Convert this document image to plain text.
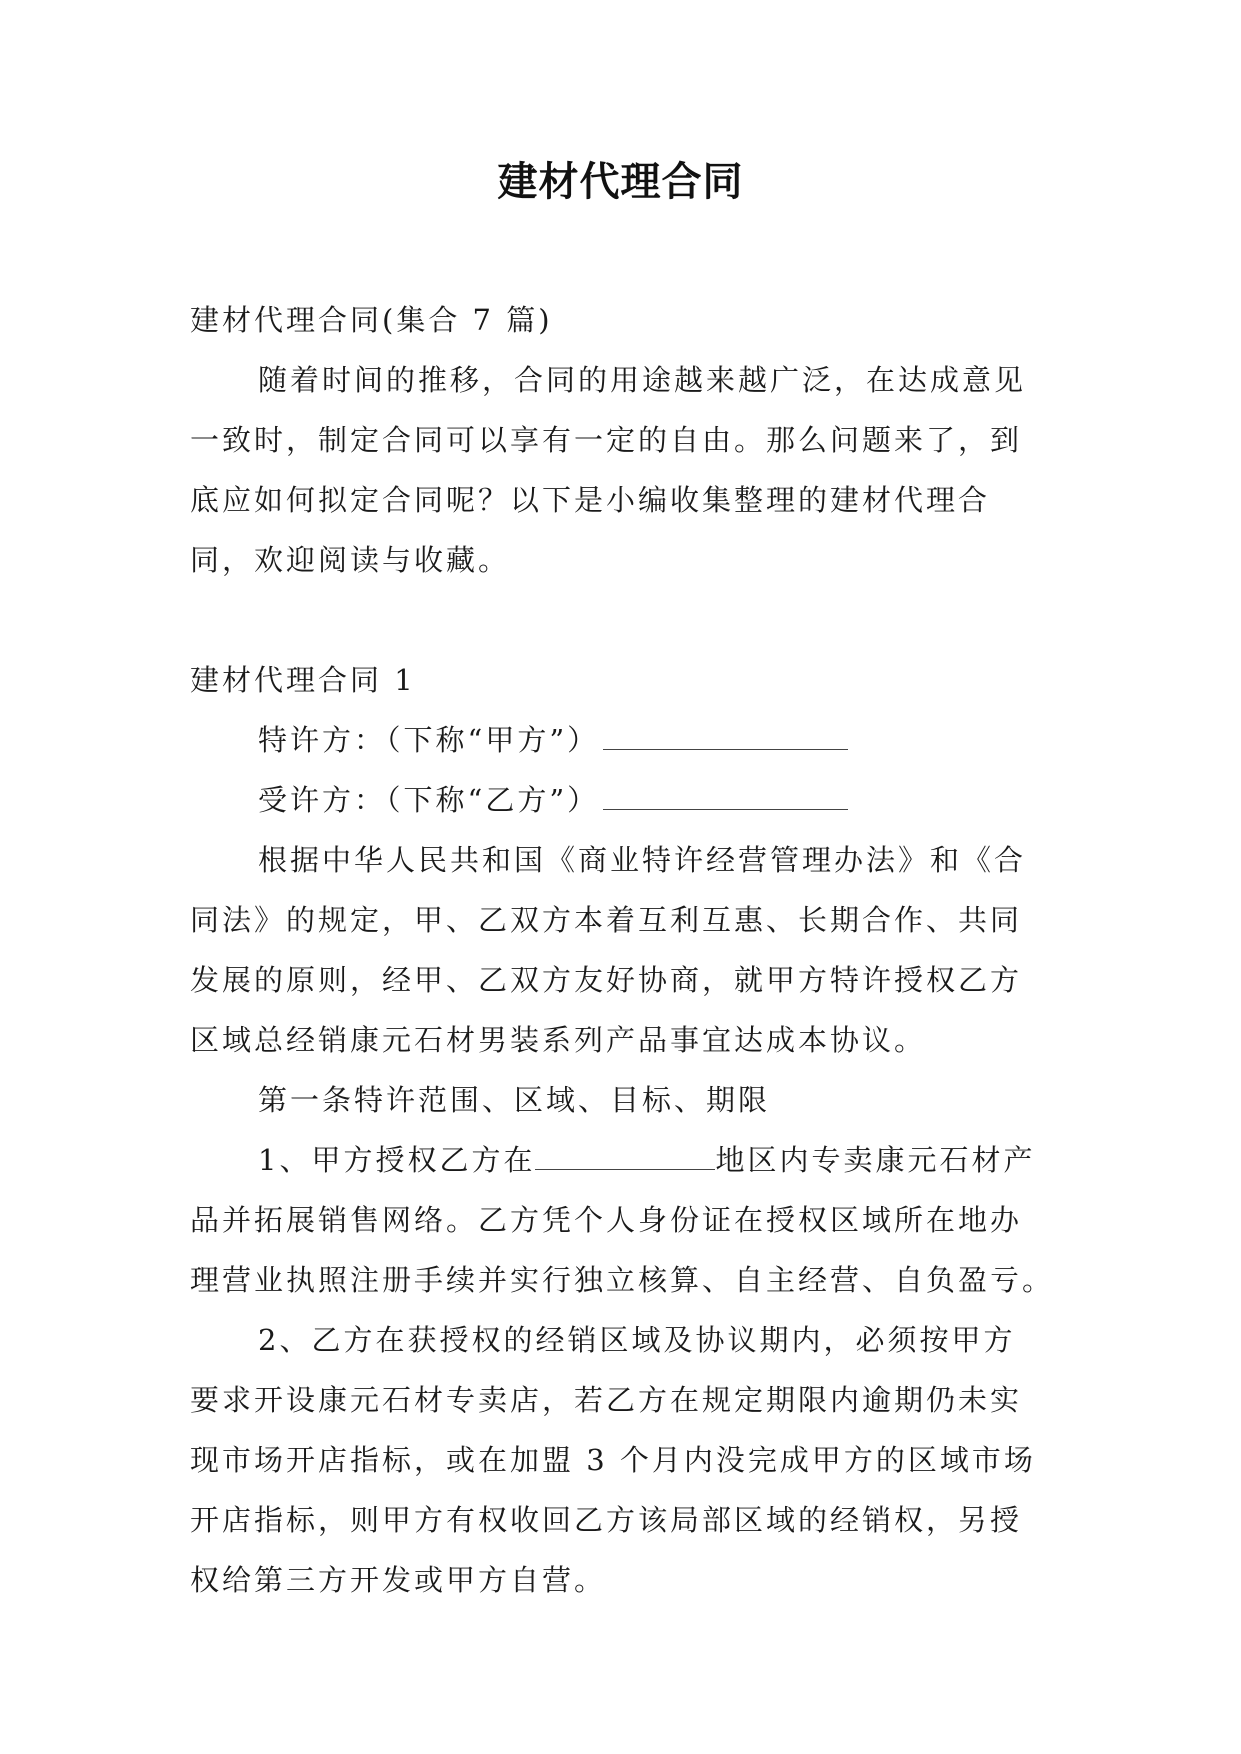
建材代理合同
建材代理合同(集合 7 篇)
随着时间的推移，合同的用途越来越广泛，在达成意见
一致时，制定合同可以享有一定的自由。那么问题来了，到
底应如何拟定合同呢？以下是小编收集整理的建材代理合
同，欢迎阅读与收藏。
建材代理合同 1
特许方：（下称“甲方”）
受许方：（下称“乙方”）
根据中华人民共和国《商业特许经营管理办法》和《合
同法》的规定，甲、乙双方本着互利互惠、长期合作、共同
发展的原则，经甲、乙双方友好协商，就甲方特许授权乙方
区域总经销康元石材男装系列产品事宜达成本协议。
第一条特许范围、区域、目标、期限
1、甲方授权乙方在	地区内专卖康元石材产
品并拓展销售网络。乙方凭个人身份证在授权区域所在地办
理营业执照注册手续并实行独立核算、自主经营、自负盈亏。
2、乙方在获授权的经销区域及协议期内，必须按甲方
要求开设康元石材专卖店，若乙方在规定期限内逾期仍未实
现市场开店指标，或在加盟 3 个月内没完成甲方的区域市场
开店指标，则甲方有权收回乙方该局部区域的经销权，另授
权给第三方开发或甲方自营。
